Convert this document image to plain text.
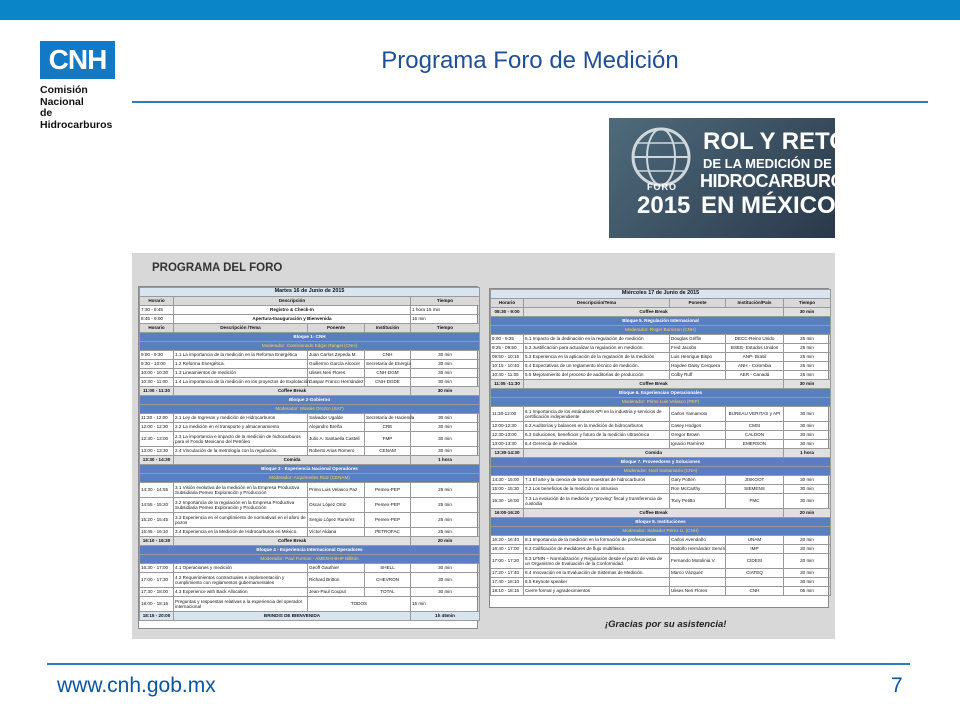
CNH
Comisión Nacional
de Hidrocarburos
Programa Foro de Medición
FORO
2015
ROL Y RETOS
DE LA MEDICIÓN DE
HIDROCARBUROS
EN MÉXICO
PROGRAMA DEL FORO
Martes 16 de Junio de 2015				
Horario	Descripción			Tiempo
7:30 - 8:45	Registro & Check-In			1 hora 15 min
8:45 - 9:00	Apertura-Inauguración y Bienvenida			15 min
Horario	Descripción /Tema	Ponente	Institución	Tiempo
Bloque 1- CNH				
Moderador: Comisionado Edgar Rangel (CNH)				
9:00 - 9:30	1.1 La importancia de la medición en la Reforma Energética	Juan Carlos Zepeda M.	CNH	30 min
9:30 - 10:00	1.2 Reforma Energética.	Guillermo García Alcocer	Secretaría de Energía	30 min
10:00 - 10:30	1.3 Lineamientos de medición	Ulises Neri Flores	CNH-DGM	30 min
10:30 - 11:00	1.4 La importancia de la medición en los proyectos de Explotación	Gaspar Franco Hernández	CNH-DGDE	30 min
11:00 - 11:30	Coffee Break			30 min
Bloque 2-Gobierno				
Moderador: Moisés Orozco (SAT)				
11:30 - 12:00	2.1 Ley de Ingresos y medición de Hidrocarburos	Salvador Ugalde	Secretaría de Hacienda	30 min
12:00 - 12:30	2.2 La medición en el transporte y almacenamiento	Alejandro Breña	CRE	30 min
12:30 - 13:00	2.3 La importancia e impacto de la medición de hidrocarburos para el Fondo Mexicano del Petróleo	Julio A. Santaella Castell	FMP	30 min
13:00 - 13:30	2.4 Vinculación de la metrología con la regulación.	Roberto Arias Romero	CENAM	30 min
13:30 - 14:30	Comida			1 hora
Bloque 3 - Experiencia Nacional Operadores				
Moderador: Arquímedes Ruiz (CENAM)				
14:30 - 14:55	3.1 Visión evolutiva de la medición en la Empresa Productiva Subsidiaria Pemex Exploración y Producción	Primo Luis Velasco Paz	Pemex-PEP	25 min
14:55 - 15:20	3.2 Importancia de la regulación en la Empresa Productiva Subsidiaria Pemex Exploración y Producción	Oscar López Ortiz	Pemex-PEP	25 min
15:20 - 15:45	3.3 Experiencia en el cumplimiento de normativas en el aforo de pozos	Sergio López Ramírez	Pemex-PEP	25 min
15:45 - 16:10	3.4 Experiencia en la Medición de Hidrocarburos en México.	Víctor Aldana	PETROFAC	25 min
16:10 - 16:30	Coffee Break			20 min
Bloque 4 - Experiencia Internacional Operadores				
Moderador: Paul Furman - AMEXHI-BHP Billiton				
16:30 - 17:00	4.1 Operaciones y medición	Geoff Gauthier	SHELL	30 min
17:00 - 17:30	4.2 Requerimientos contractuales e implementación y cumplimiento con reglamentos gubernamentales	Richard Britton	CHEVRON	30 min
17:30 - 18:00	4.3 Experience with Back Allocation	Jean-Paul Couput	TOTAL	30 min
18:00 - 18:15	Preguntas y respuestas relativas a la experiencia del operador internacional	TODOS		15 min
18:15 - 20:00	BRINDIS DE BIENVENIDA			1h 45min
Miércoles 17 de Junio de 2015				
Horario	Descripción/Tema	Ponente	Institución/País	Tiempo
08:30 - 9:00	Coffee Break			30 min
Bloque 5. Regulación Internacional				
Moderador: Roger Burnison (CNH)				
9:00 - 9:25	5.1 Impacto de la dedinación en la regulación de medición	Douglas Griffin	DECC-Reino Unido	25 min
9:25 - 09:50	5.2 Justificación para actualizar la regulación en medición.	Fred Jacobs	BSEE- Estados Unidos	25 min
09:50 - 10:15	5.3 Experiencia en la aplicación de la regulación de la medición	Luis Henrique Bispo	ANP- Brasil	25 min
10:15 - 10:40	5.4 Expectativas de un reglamento técnico de medición.	Haydee Daisy Cerquera	ANH - Colombia	25 min
10:40 - 11:05	5.5 Mejoramiento del proceso de auditorías de producción	Colby Ruff	AER - Canadá	25 min
11:05 -11:30	Coffee Break			30 min
Bloque 6. Experiencias Operacionales				
Moderador: Primo Luis Velasco (PEP)				
11:30-12:00	6.1 Importancia de los estándares API en la industria y servicios de certificación independiente	Carlos Yamamoto	BUREAU VERITAS y API	30 min
12:00-12:30	6.2 Auditorías y balances en la medición de hidrocarburos	Casey Hodges	CMSI	30 min
12:30-13:00	6.3 Soluciones, beneficios y futuro de la medición ultrasónica	Gregor Brown	CALDON	30 min
13:00-13:30	6.4 Gerencia de medición	Ignacio Ramírez	EMERSON	30 min
13:30-14:30	Comida			1 hora
Bloque 7. Proveedores y Soluciones				
Moderador: Noel Santamaría (CNH)				
14:30 - 15:00	7.1 El arte y la ciencia de tomar muestras de hidrocarburos	Gary Potten	JISKOOT	30 min
15:00 - 15:30	7.2 Los beneficios de la medición no intrusiva	Ron McCarthy	SIEMENS	30 min
15:30 - 16:00	7.3 La evolución de la medición y "proving" fiscal y transferencia de custodia	Tony Petitto	FMC	30 min
16:00-16:20	Coffee Break			20 min
Bloque 8. Instituciones				
Moderador: Salvador Pérez U. (CNH)				
16:20 - 16:40	8.1 Importancia de la medición en la formación de profesionistas	Carlos Avendaño	UNAM	20 min
16:40 - 17:00	8.2 Calificación de medidores de flujo multifásico.	Rodolfo Hernández Servín	IMP	20 min
17:00 - 17:20	8.3 LFMN – Normalización y Regulación desde el punto de vista de un Organismo de Evaluación de la Conformidad.	Fernando Motolinia V.	CIDESI	20 min
17:20 - 17:40	8.4 Innovación en la Evaluación de Sistemas de Medición.	Marco Vázquez	CIATEQ	20 min
17:40 - 18:10	8.5 Keynote speaker			30 min
18:10 - 18:15	Cierre formal y agradecimientos	Ulises Neri Flores	CNH	05 min
¡Gracias por su asistencia!
www.cnh.gob.mx	7
